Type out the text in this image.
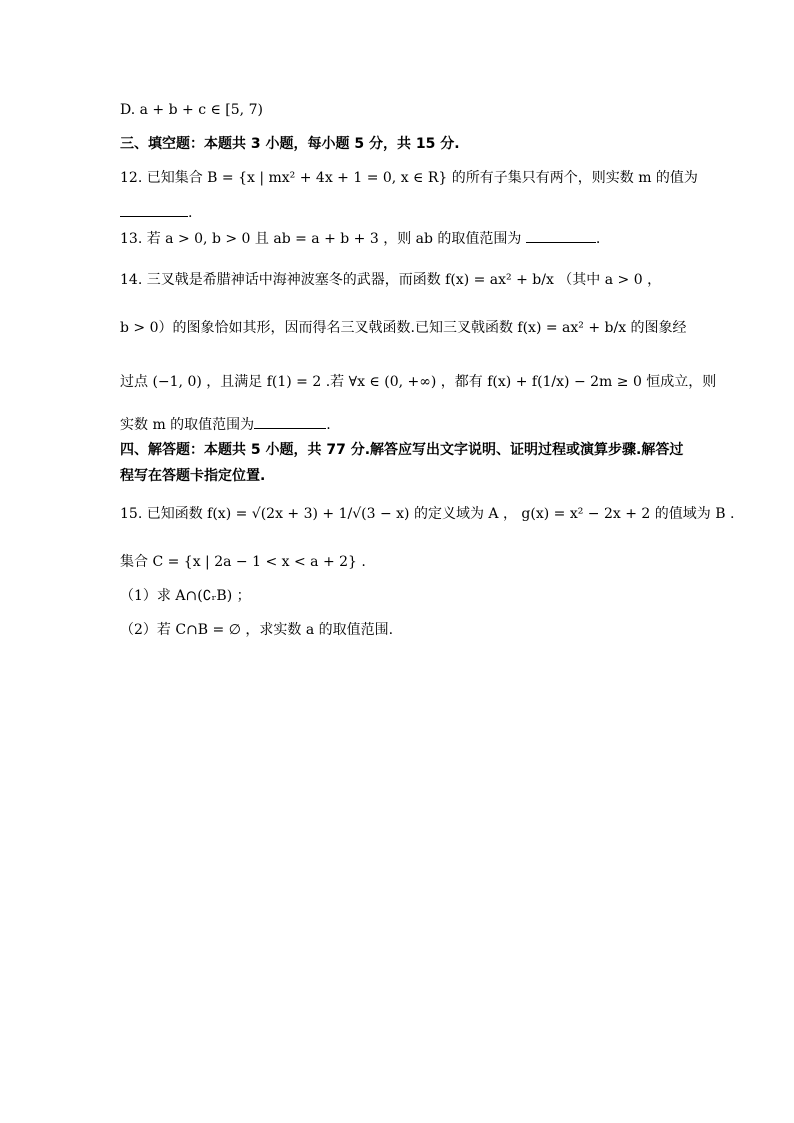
D. a + b + c ∈ [5, 7)
三、填空题：本题共 3 小题，每小题 5 分，共 15 分.
12. 已知集合 B = {x | mx² + 4x + 1 = 0, x ∈ R} 的所有子集只有两个，则实数 m 的值为
.
13. 若 a > 0, b > 0 且 ab = a + b + 3 ，则 ab 的取值范围为	.
14. 三叉戟是希腊神话中海神波塞冬的武器，而函数 f(x) = ax² + b/x （其中 a > 0 ，
b > 0）的图象恰如其形，因而得名三叉戟函数.已知三叉戟函数 f(x) = ax² + b/x 的图象经
过点 (−1, 0) ，且满足 f(1) = 2 .若 ∀x ∈ (0, +∞) ，都有 f(x) + f(1/x) − 2m ≥ 0 恒成立，则
实数 m 的取值范围为	.
四、解答题：本题共 5 小题，共 77 分.解答应写出文字说明、证明过程或演算步骤.解答过
程写在答题卡指定位置.
15. 已知函数 f(x) = √(2x + 3) + 1/√(3 − x) 的定义域为 A ， g(x) = x² − 2x + 2 的值域为 B .
集合 C = {x | 2a − 1 < x < a + 2} .
（1）求 A∩(∁ᵣB) ；
（2）若 C∩B = ∅ ，求实数 a 的取值范围.
